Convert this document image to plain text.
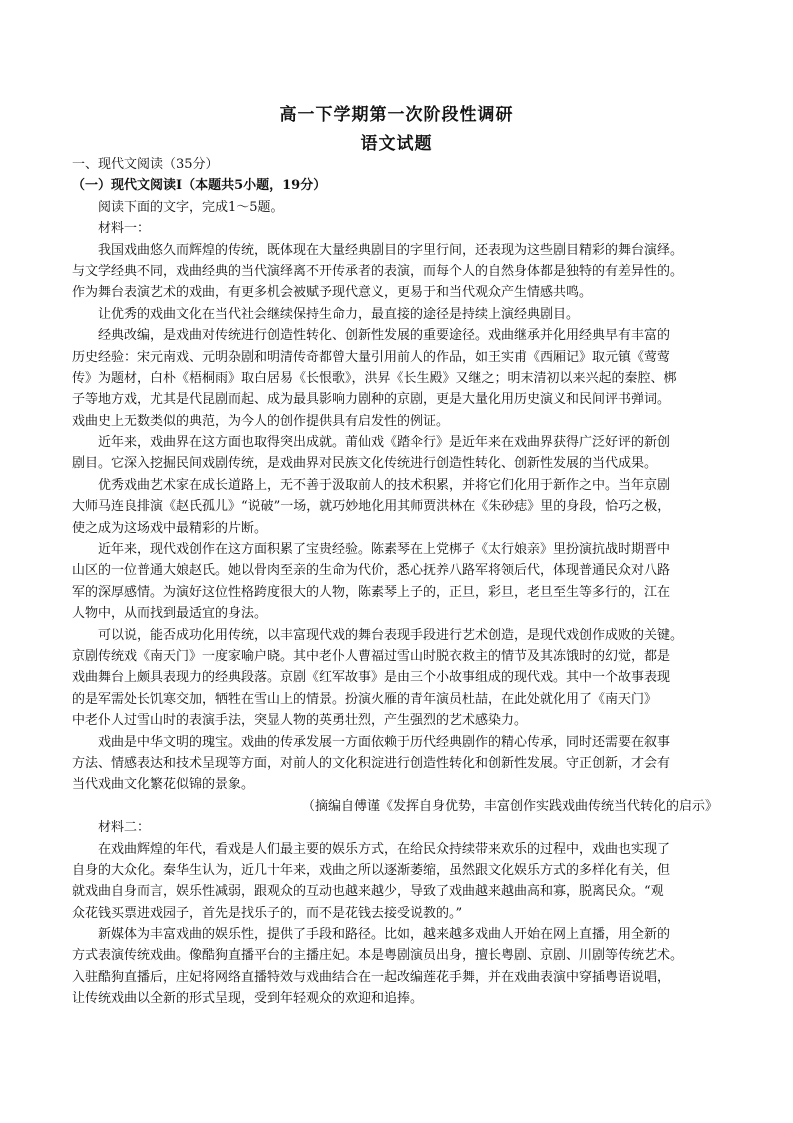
高一下学期第一次阶段性调研
语文试题
一、现代文阅读（35分）
（一）现代文阅读Ⅰ（本题共5小题，19分）
阅读下面的文字，完成1～5题。
材料一：
我国戏曲悠久而辉煌的传统，既体现在大量经典剧目的字里行间，还表现为这些剧目精彩的舞台演绎。
与文学经典不同，戏曲经典的当代演绎离不开传承者的表演，而每个人的自然身体都是独特的有差异性的。
作为舞台表演艺术的戏曲，有更多机会被赋予现代意义，更易于和当代观众产生情感共鸣。
让优秀的戏曲文化在当代社会继续保持生命力，最直接的途径是持续上演经典剧目。
经典改编，是戏曲对传统进行创造性转化、创新性发展的重要途径。戏曲继承并化用经典早有丰富的
历史经验：宋元南戏、元明杂剧和明清传奇都曾大量引用前人的作品，如王实甫《西厢记》取元镇《莺莺
传》为题材，白朴《梧桐雨》取白居易《长恨歌》，洪昇《长生殿》又继之；明末清初以来兴起的秦腔、梆
子等地方戏，尤其是代昆剧而起、成为最具影响力剧种的京剧，更是大量化用历史演义和民间评书弹词。
戏曲史上无数类似的典范，为今人的创作提供具有启发性的例证。
近年来，戏曲界在这方面也取得突出成就。莆仙戏《踏伞行》是近年来在戏曲界获得广泛好评的新创
剧目。它深入挖掘民间戏剧传统，是戏曲界对民族文化传统进行创造性转化、创新性发展的当代成果。
优秀戏曲艺术家在成长道路上，无不善于汲取前人的技术积累，并将它们化用于新作之中。当年京剧
大师马连良排演《赵氏孤儿》“说破”一场，就巧妙地化用其师贾洪林在《朱砂痣》里的身段，恰巧之极，
使之成为这场戏中最精彩的片断。
近年来，现代戏创作在这方面积累了宝贵经验。陈素琴在上党梆子《太行娘亲》里扮演抗战时期晋中
山区的一位普通大娘赵氏。她以骨肉至亲的生命为代价，悉心抚养八路军将领后代，体现普通民众对八路
军的深厚感情。为演好这位性格跨度很大的人物，陈素琴上子的，正旦，彩旦，老旦至生等多行的，江在
人物中，从而找到最适宜的身法。
可以说，能否成功化用传统，以丰富现代戏的舞台表现手段进行艺术创造，是现代戏创作成败的关键。
京剧传统戏《南天门》一度家喻户晓。其中老仆人曹福过雪山时脱衣救主的情节及其冻饿时的幻觉，都是
戏曲舞台上颇具表现力的经典段落。京剧《红军故事》是由三个小故事组成的现代戏。其中一个故事表现
的是军需处长饥寒交加，牺牲在雪山上的情景。扮演火雁的青年演员杜喆，在此处就化用了《南天门》
中老仆人过雪山时的表演手法，突显人物的英勇壮烈，产生强烈的艺术感染力。
戏曲是中华文明的瑰宝。戏曲的传承发展一方面依赖于历代经典剧作的精心传承，同时还需要在叙事
方法、情感表达和技术呈现等方面，对前人的文化积淀进行创造性转化和创新性发展。守正创新，才会有
当代戏曲文化繁花似锦的景象。
（摘编自傅谨《发挥自身优势，丰富创作实践戏曲传统当代转化的启示》
材料二：
在戏曲辉煌的年代，看戏是人们最主要的娱乐方式，在给民众持续带来欢乐的过程中，戏曲也实现了
自身的大众化。秦华生认为，近几十年来，戏曲之所以逐渐萎缩，虽然跟文化娱乐方式的多样化有关，但
就戏曲自身而言，娱乐性减弱，跟观众的互动也越来越少，导致了戏曲越来越曲高和寡，脱离民众。“观
众花钱买票进戏园子，首先是找乐子的，而不是花钱去接受说教的。”
新媒体为丰富戏曲的娱乐性，提供了手段和路径。比如，越来越多戏曲人开始在网上直播，用全新的
方式表演传统戏曲。像酷狗直播平台的主播庄妃。本是粤剧演员出身，擅长粤剧、京剧、川剧等传统艺术。
入驻酷狗直播后，庄妃将网络直播特效与戏曲结合在一起改编莲花手舞，并在戏曲表演中穿插粤语说唱，
让传统戏曲以全新的形式呈现，受到年轻观众的欢迎和追捧。
